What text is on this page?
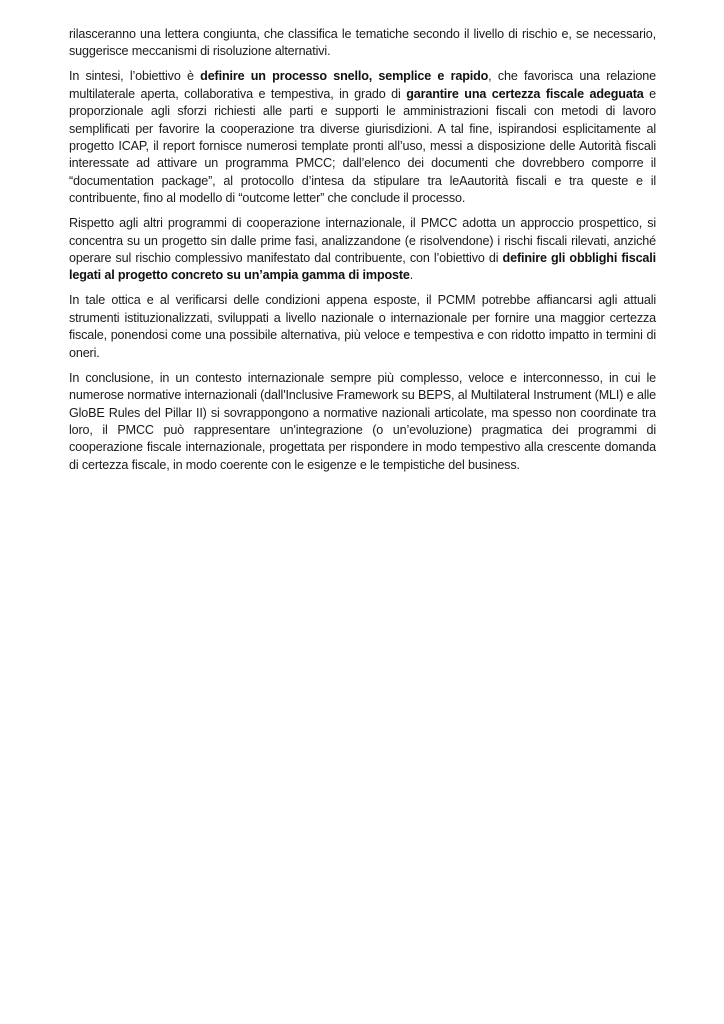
rilasceranno una lettera congiunta, che classifica le tematiche secondo il livello di rischio e, se necessario, suggerisce meccanismi di risoluzione alternativi.

In sintesi, l’obiettivo è definire un processo snello, semplice e rapido, che favorisca una relazione multilaterale aperta, collaborativa e tempestiva, in grado di garantire una certezza fiscale adeguata e proporzionale agli sforzi richiesti alle parti e supporti le amministrazioni fiscali con metodi di lavoro semplificati per favorire la cooperazione tra diverse giurisdizioni. A tal fine, ispirandosi esplicitamente al progetto ICAP, il report fornisce numerosi template pronti all’uso, messi a disposizione delle Autorità fiscali interessate ad attivare un programma PMCC; dall’elenco dei documenti che dovrebbero comporre il “documentation package”, al protocollo d’intesa da stipulare tra leAautorità fiscali e tra queste e il contribuente, fino al modello di “outcome letter” che conclude il processo.

Rispetto agli altri programmi di cooperazione internazionale, il PMCC adotta un approccio prospettico, si concentra su un progetto sin dalle prime fasi, analizzandone (e risolvendone) i rischi fiscali rilevati, anziché operare sul rischio complessivo manifestato dal contribuente, con l’obiettivo di definire gli obblighi fiscali legati al progetto concreto su un’ampia gamma di imposte.

In tale ottica e al verificarsi delle condizioni appena esposte, il PCMM potrebbe affiancarsi agli attuali strumenti istituzionalizzati, sviluppati a livello nazionale o internazionale per fornire una maggior certezza fiscale, ponendosi come una possibile alternativa, più veloce e tempestiva e con ridotto impatto in termini di oneri.

In conclusione, in un contesto internazionale sempre più complesso, veloce e interconnesso, in cui le numerose normative internazionali (dall'Inclusive Framework su BEPS, al Multilateral Instrument (MLI) e alle GloBE Rules del Pillar II) si sovrappongono a normative nazionali articolate, ma spesso non coordinate tra loro, il PMCC può rappresentare un'integrazione (o un’evoluzione) pragmatica dei programmi di cooperazione fiscale internazionale, progettata per rispondere in modo tempestivo alla crescente domanda di certezza fiscale, in modo coerente con le esigenze e le tempistiche del business.
